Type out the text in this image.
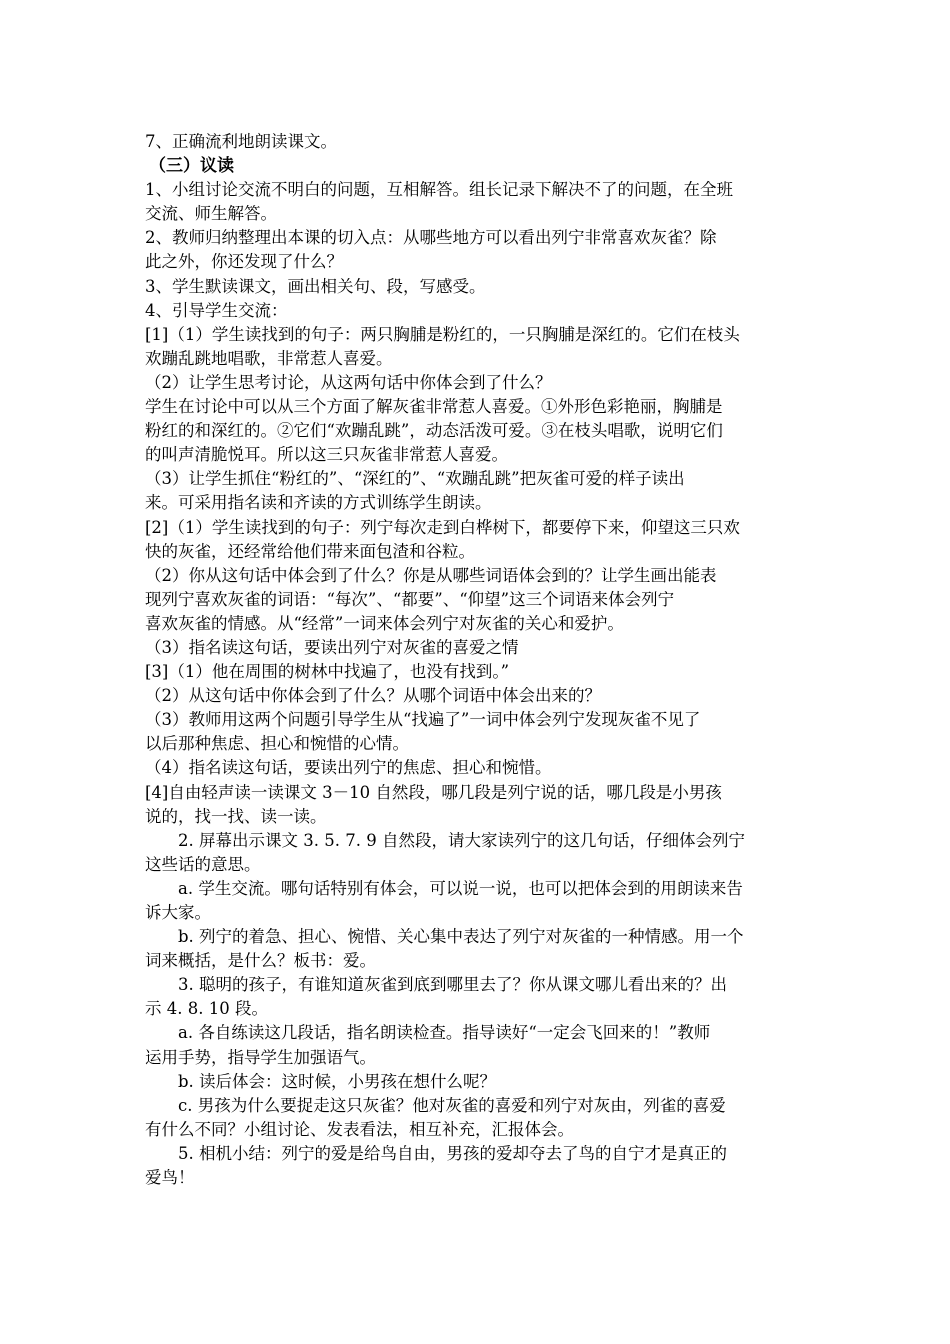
7、正确流利地朗读课文。
（三）议读
1、小组讨论交流不明白的问题，互相解答。组长记录下解决不了的问题，在全班
交流、师生解答。
2、教师归纳整理出本课的切入点：从哪些地方可以看出列宁非常喜欢灰雀？除
此之外，你还发现了什么？
3、学生默读课文，画出相关句、段，写感受。
4、引导学生交流：
[1]（1）学生读找到的句子：两只胸脯是粉红的，一只胸脯是深红的。它们在枝头
欢蹦乱跳地唱歌，非常惹人喜爱。
（2）让学生思考讨论，从这两句话中你体会到了什么？
学生在讨论中可以从三个方面了解灰雀非常惹人喜爱。①外形色彩艳丽，胸脯是
粉红的和深红的。②它们“欢蹦乱跳”，动态活泼可爱。③在枝头唱歌，说明它们
的叫声清脆悦耳。所以这三只灰雀非常惹人喜爱。
（3）让学生抓住“粉红的”、“深红的”、“欢蹦乱跳”把灰雀可爱的样子读出
来。可采用指名读和齐读的方式训练学生朗读。
[2]（1）学生读找到的句子：列宁每次走到白桦树下，都要停下来，仰望这三只欢
快的灰雀，还经常给他们带来面包渣和谷粒。
（2）你从这句话中体会到了什么？你是从哪些词语体会到的？让学生画出能表
现列宁喜欢灰雀的词语：“每次”、“都要”、“仰望”这三个词语来体会列宁
喜欢灰雀的情感。从“经常”一词来体会列宁对灰雀的关心和爱护。
（3）指名读这句话，要读出列宁对灰雀的喜爱之情
[3]（1）他在周围的树林中找遍了，也没有找到。”
（2）从这句话中你体会到了什么？从哪个词语中体会出来的？
（3）教师用这两个问题引导学生从“找遍了”一词中体会列宁发现灰雀不见了
以后那种焦虑、担心和惋惜的心情。
（4）指名读这句话，要读出列宁的焦虑、担心和惋惜。
[4]自由轻声读一读课文 3－10 自然段，哪几段是列宁说的话，哪几段是小男孩
说的，找一找、读一读。
2. 屏幕出示课文 3. 5. 7. 9 自然段，请大家读列宁的这几句话，仔细体会列宁
这些话的意思。
a. 学生交流。哪句话特别有体会，可以说一说，也可以把体会到的用朗读来告
诉大家。
b. 列宁的着急、担心、惋惜、关心集中表达了列宁对灰雀的一种情感。用一个
词来概括，是什么？板书：爱。
3. 聪明的孩子，有谁知道灰雀到底到哪里去了？你从课文哪儿看出来的？出
示 4. 8. 10 段。
a. 各自练读这几段话，指名朗读检查。指导读好“一定会飞回来的！”教师
运用手势，指导学生加强语气。
b. 读后体会：这时候，小男孩在想什么呢？
c. 男孩为什么要捉走这只灰雀？他对灰雀的喜爱和列宁对灰由，列雀的喜爱
有什么不同？小组讨论、发表看法，相互补充，汇报体会。
5. 相机小结：列宁的爱是给鸟自由，男孩的爱却夺去了鸟的自宁才是真正的
爱鸟！
